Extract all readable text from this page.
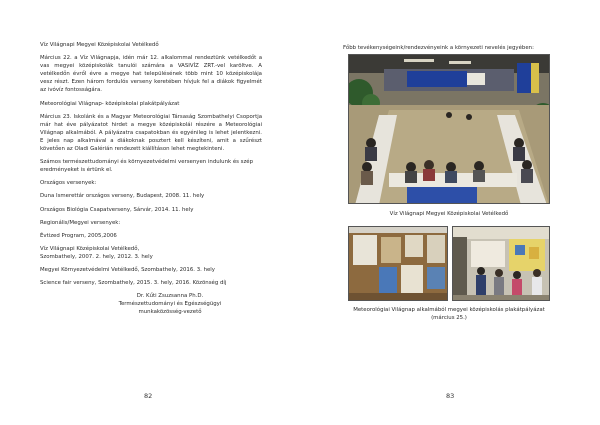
Víz Világnapi Megyei Középiskolai Vetélkedő

Március 22. a Víz Világnapja, idén már 12. alkalommal rendeztünk vetélkedőt a vas megyei középiskolák tanulói számára a VASIVÍZ ZRT.-vel karöltve. A vetélkedőn évről évre a megye hat településének több mint 10 középiskolája vesz részt. Ezen három fordulós verseny keretében hívjuk fel a diákok figyelmét az ivóvíz fontosságára.

Meteorológiai Világnap- középiskolai plakátpályázat

Március 23. Iskolánk és a Magyar Meteorológiai Társaság Szombathelyi Csoportja már hat éve pályázatot hirdet a megye középiskolái részére a Meteorológiai Világnap alkalmából. A pályázatra csapatokban és egyénileg is lehet jelentkezni. E jeles nap alkalmával a diákoknak posztert kell készíteni, amit a szűrészt követően az Oladi Galérián rendezett kiállításon lehet megtekinteni.

Számos természettudományi és környezetvédelmi versenyen indulunk és szép eredményeket is értünk el.

Országos versenyek:

Duna Ismerettár országos verseny, Budapest, 2008. 11. hely

Országos Biológia Csapatverseny, Sárvár, 2014. 11. hely

Regionális/Megyei versenyek:

Évtized Program, 2005,2006

Víz Világnapi Középiskolai Vetélkedő,

Szombathely, 2007. 2. hely, 2012. 3. hely

Megyei Környezetvédelmi Vetélkedő, Szombathely, 2016. 3. hely

Science fair verseny, Szombathely, 2015. 3. hely, 2016. Közönség díj

Dr. Kűti Zsuzsanna Ph.D.

Természettudományi és Egészségügyi

munkaközösség-vezető

82	83
Főbb tevékenységeink/rendezvényeink a környezeti nevelés jegyében:
Víz Világnapi Megyei Középiskolai Vetélkedő
Meteorológiai Világnap alkalmából megyei középiskolás plakátpályázat
(március 25.)
